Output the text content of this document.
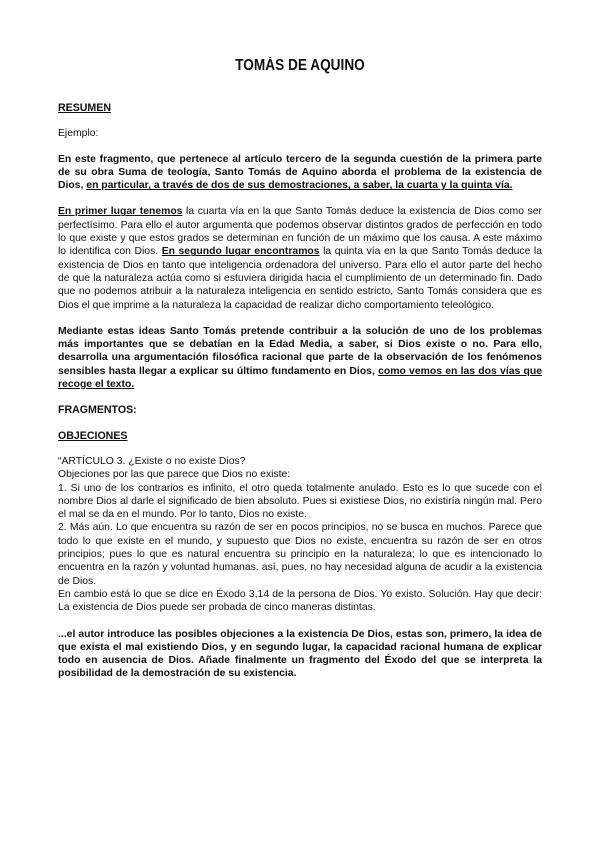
TOMÁS DE AQUINO
RESUMEN
Ejemplo:

En este fragmento, que pertenece al artículo tercero de la segunda cuestión de la primera parte de su obra Suma de teología, Santo Tomás de Aquino aborda el problema de la existencia de Dios, en particular, a través de dos de sus demostraciones, a saber, la cuarta y la quinta vía.

En primer lugar tenemos la cuarta vía en la que Santo Tomás deduce la existencia de Dios como ser perfectísimo. Para ello el autor argumenta que podemos observar distintos grados de perfección en todo lo que existe y que estos grados se determinan en función de un máximo que los causa. A este máximo lo identifica con Dios. En segundo lugar encontramos la quinta vía en la que Santo Tomás deduce la existencia de Dios en tanto que inteligencia ordenadora del universo. Para ello el autor parte del hecho de que la naturaleza actúa como si estuviera dirigida hacia el cumplimiento de un determinado fin. Dado que no podemos atribuir a la naturaleza inteligencia en sentido estricto, Santo Tomás considera que es Dios el que imprime a la naturaleza la capacidad de realizar dicho comportamiento teleológico.

Mediante estas ideas Santo Tomás pretende contribuir a la solución de uno de los problemas más importantes que se debatían en la Edad Media, a saber, si Dios existe o no. Para ello, desarrolla una argumentación filosófica racional que parte de la observación de los fenómenos sensibles hasta llegar a explicar su último fundamento en Dios, como vemos en las dos vías que recoge el texto.

FRAGMENTOS:
OBJECIONES
“ARTÍCULO 3. ¿Existe o no existe Dios?
Objeciones por las que parece que Dios no existe:
1. Si uno de los contrarios es infinito, el otro queda totalmente anulado. Esto es lo que sucede con el nombre Dios al darle el significado de bien absoluto. Pues si existiese Dios, no existiría ningún mal. Pero el mal se da en el mundo. Por lo tanto, Dios no existe.
2. Más aún. Lo que encuentra su razón de ser en pocos principios, no se busca en muchos. Parece que todo lo que existe en el mundo, y supuesto que Dios no existe, encuentra su razón de ser en otros principios; pues lo que es natural encuentra su principio en la naturaleza; lo que es intencionado lo encuentra en la razón y voluntad humanas. así, pues, no hay necesidad alguna de acudir a la existencia de Dios.
En cambio está lo que se dice en Éxodo 3,14 de la persona de Dios. Yo existo. Solución. Hay que decir: La existencia de Dios puede ser probada de cinco maneras distintas.

...el autor introduce las posibles objeciones a la existencia De Dios, estas son, primero, la idea de que exista el mal existiendo Dios, y en segundo lugar, la capacidad racional humana de explicar todo en ausencia de Dios. Añade finalmente un fragmento del Éxodo del que se interpreta la posibilidad de la demostración de su existencia.
